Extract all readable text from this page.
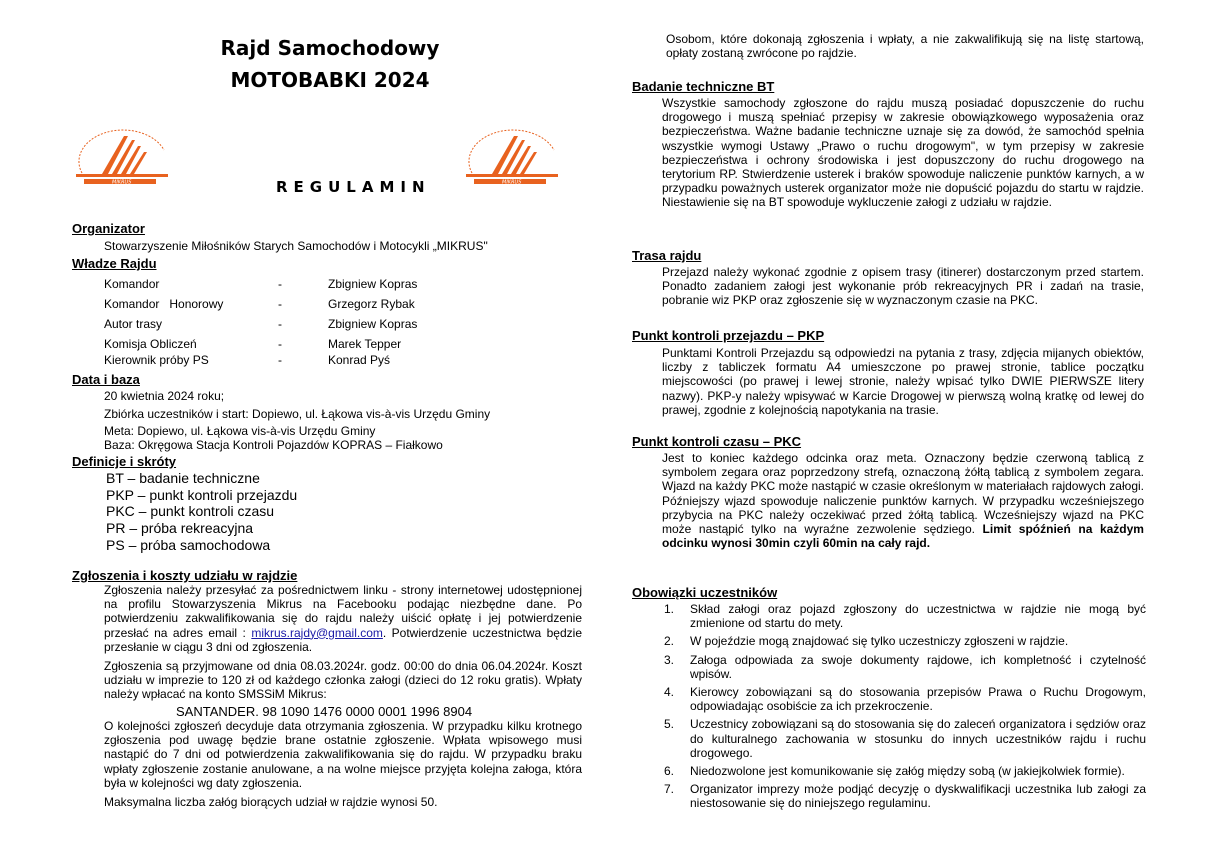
Rajd Samochodowy
MOTOBABKI 2024
MIKRUS	MIKRUS
REGULAMIN
Organizator
Stowarzyszenie Miłośników Starych Samochodów i Motocykli „MIKRUS"
Władze Rajdu
Komandor	-	Zbigniew Kopras
Komandor   Honorowy	-	Grzegorz Rybak
Autor trasy	-	Zbigniew Kopras
Komisja Obliczeń	-	Marek Tepper
Kierownik próby PS	-	Konrad Pyś
Data i baza
20 kwietnia 2024 roku;
Zbiórka uczestników i start: Dopiewo, ul. Łąkowa vis-à-vis Urzędu Gminy
Meta: Dopiewo, ul. Łąkowa vis-à-vis Urzędu Gminy
Baza: Okręgowa Stacja Kontroli Pojazdów KOPRAS – Fiałkowo
Definicje i skróty
BT – badanie techniczne
PKP – punkt kontroli przejazdu
PKC – punkt kontroli czasu
PR – próba rekreacyjna
PS – próba samochodowa
Zgłoszenia i koszty udziału w rajdzie
Zgłoszenia należy przesyłać za pośrednictwem linku - strony internetowej udostępnionej na profilu Stowarzyszenia Mikrus na Facebooku podając niezbędne dane. Po potwierdzeniu zakwalifikowania się do rajdu należy uiścić opłatę i jej potwierdzenie przesłać na adres email : mikrus.rajdy@gmail.com. Potwierdzenie uczestnictwa będzie przesłanie w ciągu 3 dni od zgłoszenia.
Zgłoszenia są przyjmowane od dnia 08.03.2024r. godz. 00:00 do dnia 06.04.2024r. Koszt udziału w imprezie to 120 zł od każdego członka załogi (dzieci do 12 roku gratis). Wpłaty należy wpłacać na konto SMSSiM Mikrus:
SANTANDER. 98 1090 1476 0000 0001 1996 8904
O kolejności zgłoszeń decyduje data otrzymania zgłoszenia. W przypadku kilku krotnego zgłoszenia pod uwagę będzie brane ostatnie zgłoszenie. Wpłata wpisowego musi nastąpić do 7 dni od potwierdzenia zakwalifikowania się do rajdu. W przypadku braku wpłaty zgłoszenie zostanie anulowane, a na wolne miejsce przyjęta kolejna załoga, która była w kolejności wg daty zgłoszenia.
Maksymalna liczba załóg biorących udział w rajdzie wynosi 50.
Osobom, które dokonają zgłoszenia i wpłaty, a nie zakwalifikują się na listę startową, opłaty zostaną zwrócone po rajdzie.
Badanie techniczne BT
Wszystkie samochody zgłoszone do rajdu muszą posiadać dopuszczenie do ruchu drogowego i muszą spełniać przepisy w zakresie obowiązkowego wyposażenia oraz bezpieczeństwa. Ważne badanie techniczne uznaje się za dowód, że samochód spełnia wszystkie wymogi Ustawy „Prawo o ruchu drogowym", w tym przepisy w zakresie bezpieczeństwa i ochrony środowiska i jest dopuszczony do ruchu drogowego na terytorium RP. Stwierdzenie usterek i braków spowoduje naliczenie punktów karnych, a w przypadku poważnych usterek organizator może nie dopuścić pojazdu do startu w rajdzie. Niestawienie się na BT spowoduje wykluczenie załogi z udziału w rajdzie.
Trasa rajdu
Przejazd należy wykonać zgodnie z opisem trasy (itinerer) dostarczonym przed startem. Ponadto zadaniem załogi jest wykonanie prób rekreacyjnych PR i zadań na trasie, pobranie wiz PKP oraz zgłoszenie się w wyznaczonym czasie na PKC.
Punkt kontroli przejazdu – PKP
Punktami Kontroli Przejazdu są odpowiedzi na pytania z trasy, zdjęcia mijanych obiektów, liczby z tabliczek formatu A4 umieszczone po prawej stronie, tablice początku miejscowości (po prawej i lewej stronie, należy wpisać tylko DWIE PIERWSZE litery nazwy). PKP-y należy wpisywać w Karcie Drogowej w pierwszą wolną kratkę od lewej do prawej, zgodnie z kolejnością napotykania na trasie.
Punkt kontroli czasu – PKC
Jest to koniec każdego odcinka oraz meta. Oznaczony będzie czerwoną tablicą z symbolem zegara oraz poprzedzony strefą, oznaczoną żółtą tablicą z symbolem zegara. Wjazd na każdy PKC może nastąpić w czasie określonym w materiałach rajdowych załogi. Późniejszy wjazd spowoduje naliczenie punktów karnych. W przypadku wcześniejszego przybycia na PKC należy oczekiwać przed żółtą tablicą. Wcześniejszy wjazd na PKC może nastąpić tylko na wyraźne zezwolenie sędziego. Limit spóźnień na każdym odcinku wynosi 30min czyli 60min na cały rajd.
Obowiązki uczestników
1. Skład załogi oraz pojazd zgłoszony do uczestnictwa w rajdzie nie mogą być zmienione od startu do mety.
2. W pojeździe mogą znajdować się tylko uczestniczy zgłoszeni w rajdzie.
3. Załoga odpowiada za swoje dokumenty rajdowe, ich kompletność i czytelność wpisów.
4. Kierowcy zobowiązani są do stosowania przepisów Prawa o Ruchu Drogowym, odpowiadając osobiście za ich przekroczenie.
5. Uczestnicy zobowiązani są do stosowania się do zaleceń organizatora i sędziów oraz do kulturalnego zachowania w stosunku do innych uczestników rajdu i ruchu drogowego.
6. Niedozwolone jest komunikowanie się załóg między sobą (w jakiejkolwiek formie).
7. Organizator imprezy może podjąć decyzję o dyskwalifikacji uczestnika lub załogi za niestosowanie się do niniejszego regulaminu.
